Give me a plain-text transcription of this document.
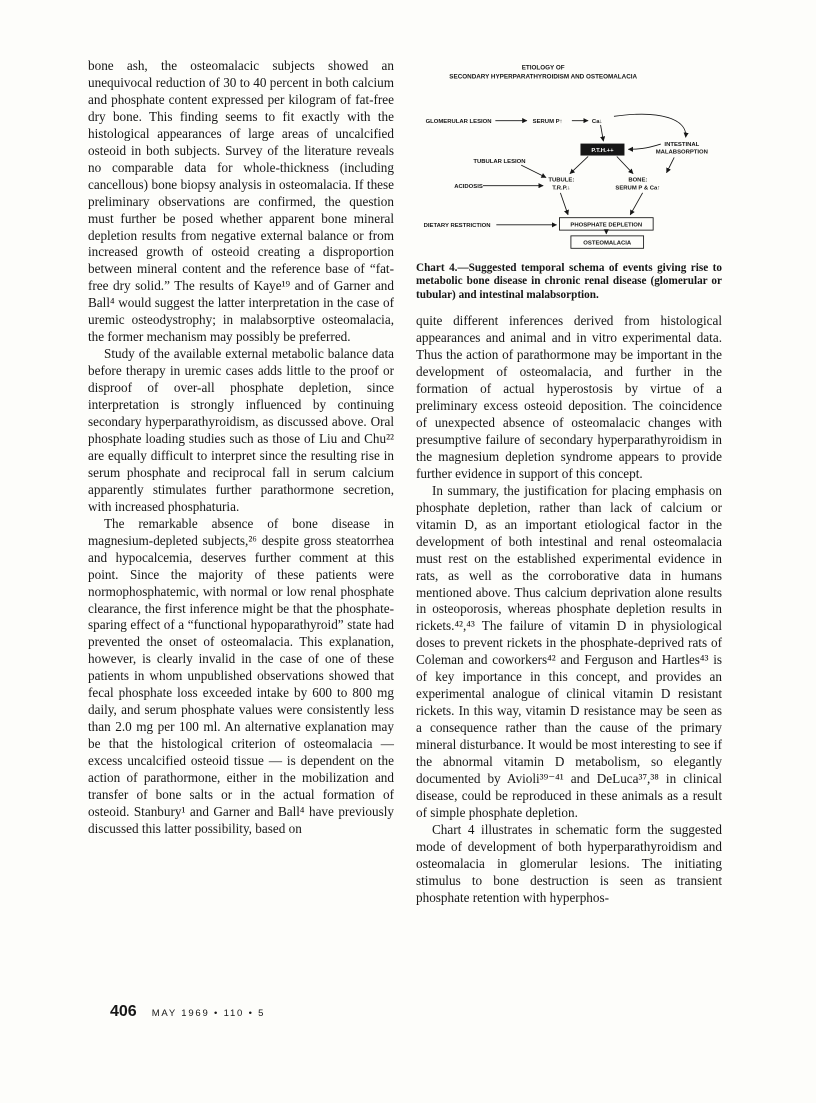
bone ash, the osteomalacic subjects showed an unequivocal reduction of 30 to 40 percent in both calcium and phosphate content expressed per kilogram of fat-free dry bone. This finding seems to fit exactly with the histological appearances of large areas of uncalcified osteoid in both subjects. Survey of the literature reveals no comparable data for whole-thickness (including cancellous) bone biopsy analysis in osteomalacia. If these preliminary observations are confirmed, the question must further be posed whether apparent bone mineral depletion results from negative external balance or from increased growth of osteoid creating a disproportion between mineral content and the reference base of “fat-free dry solid.” The results of Kaye¹⁹ and of Garner and Ball⁴ would suggest the latter interpretation in the case of uremic osteodystrophy; in malabsorptive osteomalacia, the former mechanism may possibly be preferred.

Study of the available external metabolic balance data before therapy in uremic cases adds little to the proof or disproof of over-all phosphate depletion, since interpretation is strongly influenced by continuing secondary hyperparathyroidism, as discussed above. Oral phosphate loading studies such as those of Liu and Chu²² are equally difficult to interpret since the resulting rise in serum phosphate and reciprocal fall in serum calcium apparently stimulates further parathormone secretion, with increased phosphaturia.

The remarkable absence of bone disease in magnesium-depleted subjects,²⁶ despite gross steatorrhea and hypocalcemia, deserves further comment at this point. Since the majority of these patients were normophosphatemic, with normal or low renal phosphate clearance, the first inference might be that the phosphate-sparing effect of a “functional hypoparathyroid” state had prevented the onset of osteomalacia. This explanation, however, is clearly invalid in the case of one of these patients in whom unpublished observations showed that fecal phosphate loss exceeded intake by 600 to 800 mg daily, and serum phosphate values were consistently less than 2.0 mg per 100 ml. An alternative explanation may be that the histological criterion of osteomalacia — excess uncalcified osteoid tissue — is dependent on the action of parathormone, either in the mobilization and transfer of bone salts or in the actual formation of osteoid. Stanbury¹ and Garner and Ball⁴ have previously discussed this latter possibility, based on

ETIOLOGY OF
SECONDARY HYPERPARATHYROIDISM AND OSTEOMALACIA
GLOMERULAR LESION	SERUM P↑	Ca↓
P.T.H.++
INTESTINAL
MALABSORPTION
TUBULAR LESION
ACIDOSIS
TUBULE:
T.R.P.↓
BONE:
SERUM P & Ca↑
DIETARY RESTRICTION	PHOSPHATE DEPLETION
OSTEOMALACIA

Chart 4.—Suggested temporal schema of events giving rise to metabolic bone disease in chronic renal disease (glomerular or tubular) and intestinal malabsorption.

quite different inferences derived from histological appearances and animal and in vitro experimental data. Thus the action of parathormone may be important in the development of osteomalacia, and further in the formation of actual hyperostosis by virtue of a preliminary excess osteoid deposition. The coincidence of unexpected absence of osteomalacic changes with presumptive failure of secondary hyperparathyroidism in the magnesium depletion syndrome appears to provide further evidence in support of this concept.

In summary, the justification for placing emphasis on phosphate depletion, rather than lack of calcium or vitamin D, as an important etiological factor in the development of both intestinal and renal osteomalacia must rest on the established experimental evidence in rats, as well as the corroborative data in humans mentioned above. Thus calcium deprivation alone results in osteoporosis, whereas phosphate depletion results in rickets.⁴²,⁴³ The failure of vitamin D in physiological doses to prevent rickets in the phosphate-deprived rats of Coleman and coworkers⁴² and Ferguson and Hartles⁴³ is of key importance in this concept, and provides an experimental analogue of clinical vitamin D resistant rickets. In this way, vitamin D resistance may be seen as a consequence rather than the cause of the primary mineral disturbance. It would be most interesting to see if the abnormal vitamin D metabolism, so elegantly documented by Avioli³⁹⁻⁴¹ and DeLuca³⁷,³⁸ in clinical disease, could be reproduced in these animals as a result of simple phosphate depletion.

Chart 4 illustrates in schematic form the suggested mode of development of both hyperparathyroidism and osteomalacia in glomerular lesions. The initiating stimulus to bone destruction is seen as transient phosphate retention with hyperphos-

406 MAY 1969 • 110 • 5
